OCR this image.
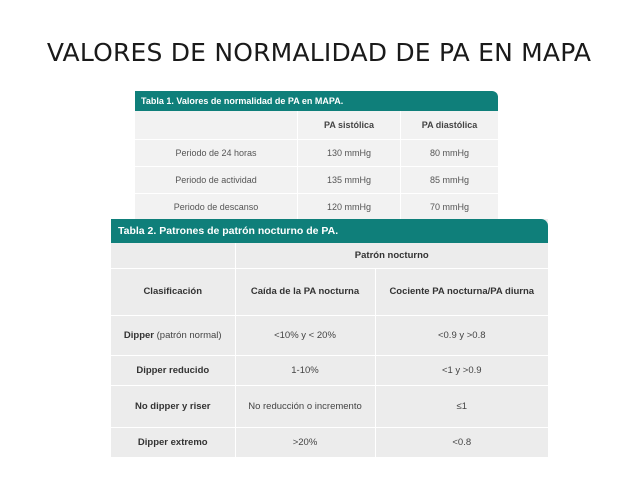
VALORES DE NORMALIDAD DE PA EN MAPA
Tabla 1. Valores de normalidad de PA en MAPA.
	PA sistólica	PA diastólica
Periodo de 24 horas	130 mmHg	80 mmHg
Periodo de actividad	135 mmHg	85 mmHg
Periodo de descanso	120 mmHg	70 mmHg
Tabla 2. Patrones de patrón nocturno de PA.
	Patrón nocturno	
Clasificación	Caída de la PA nocturna	Cociente PA nocturna/PA diurna
Dipper (patrón normal)	<10% y < 20%	<0.9 y >0.8
Dipper reducido	1-10%	<1 y >0.9
No dipper y riser	No reducción o incremento	≤1
Dipper extremo	>20%	<0.8
